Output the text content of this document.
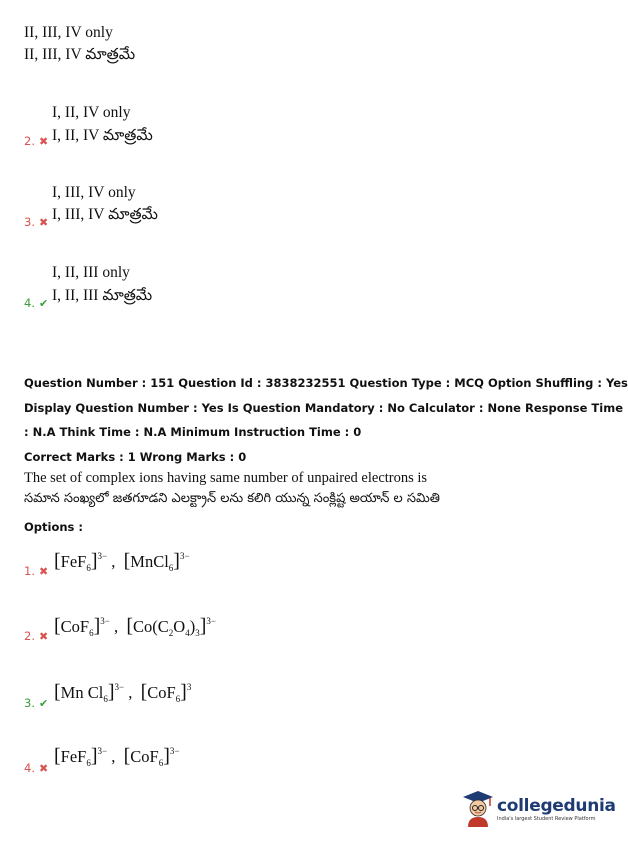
II, III, IV only
II, III, IV మాత్రమే
I, II, IV only
2. ✖ I, II, IV మాత్రమే
I, III, IV only
3. ✖ I, III, IV మాత్రమే
I, II, III only
4. ✔ I, II, III మాత్రమే
Question Number : 151 Question Id : 3838232551 Question Type : MCQ Option Shuffling : Yes
Display Question Number : Yes Is Question Mandatory : No Calculator : None Response Time
: N.A Think Time : N.A Minimum Instruction Time : 0
Correct Marks : 1 Wrong Marks : 0
The set of complex ions having same number of unpaired electrons is
సమాన సంఖ్యలో జతగూడని ఎలక్ట్రాన్ లను కలిగి యున్న సంక్లిష్ట అయాన్ ల సమితి
Options :
1. ✖ $[FeF_6]^{3-}$ ,  [MnCl$_6$]$^{3-}$
2. ✖ $[CoF_6]^{3-}$ ,  $[Co(C_2O_4)_3]^{3-}$
3. ✔
[Mn $Cl_6]^{3-}$ ,  $[CoF_6]^3$
4. ✖
$[FeF_6]^{3-}$ ,  $[CoF_6]^{3-}$
collegedunia
India's largest Student Review Platform
